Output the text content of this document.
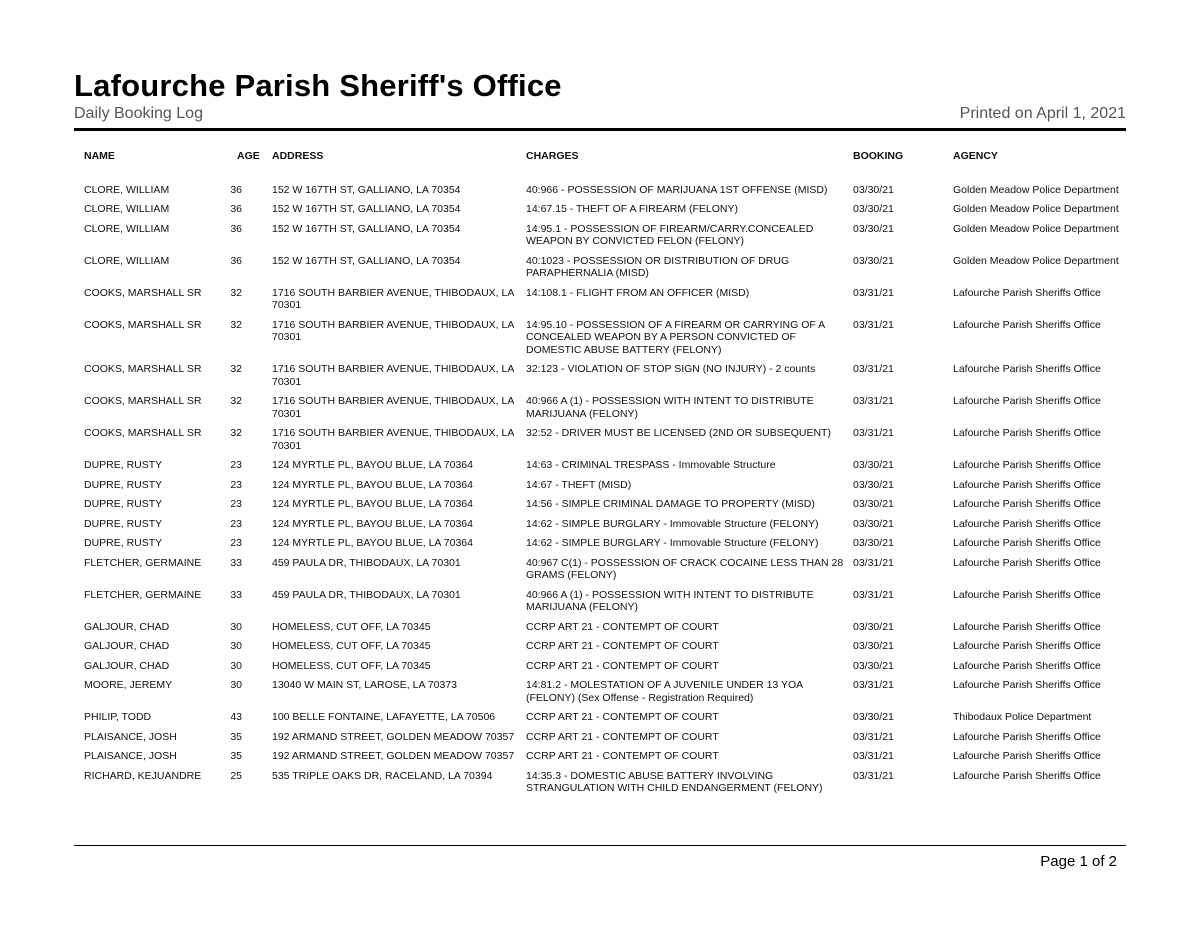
Lafourche Parish Sheriff's Office
Daily Booking Log	Printed on April 1, 2021
	NAME	AGE	ADDRESS	CHARGES	BOOKING	AGENCY
	CLORE, WILLIAM	36	152 W 167TH ST, GALLIANO, LA 70354	40:966 - POSSESSION OF MARIJUANA 1ST OFFENSE (MISD)	03/30/21	Golden Meadow Police Department
	CLORE, WILLIAM	36	152 W 167TH ST, GALLIANO, LA 70354	14:67.15 - THEFT OF A FIREARM (FELONY)	03/30/21	Golden Meadow Police Department
	CLORE, WILLIAM	36	152 W 167TH ST, GALLIANO, LA 70354	14:95.1 - POSSESSION OF FIREARM/CARRY.CONCEALED WEAPON BY CONVICTED FELON (FELONY)	03/30/21	Golden Meadow Police Department
	CLORE, WILLIAM	36	152 W 167TH ST, GALLIANO, LA 70354	40:1023 - POSSESSION OR DISTRIBUTION OF DRUG PARAPHERNALIA (MISD)	03/30/21	Golden Meadow Police Department
	COOKS, MARSHALL SR	32	1716 SOUTH BARBIER AVENUE, THIBODAUX, LA 70301	14:108.1 - FLIGHT FROM AN OFFICER (MISD)	03/31/21	Lafourche Parish Sheriffs Office
	COOKS, MARSHALL SR	32	1716 SOUTH BARBIER AVENUE, THIBODAUX, LA 70301	14:95.10 - POSSESSION OF A FIREARM OR CARRYING OF A CONCEALED WEAPON BY A PERSON CONVICTED OF DOMESTIC ABUSE BATTERY (FELONY)	03/31/21	Lafourche Parish Sheriffs Office
	COOKS, MARSHALL SR	32	1716 SOUTH BARBIER AVENUE, THIBODAUX, LA 70301	32:123 - VIOLATION OF STOP SIGN (NO INJURY) - 2 counts	03/31/21	Lafourche Parish Sheriffs Office
	COOKS, MARSHALL SR	32	1716 SOUTH BARBIER AVENUE, THIBODAUX, LA 70301	40:966 A (1) - POSSESSION WITH INTENT TO DISTRIBUTE MARIJUANA (FELONY)	03/31/21	Lafourche Parish Sheriffs Office
	COOKS, MARSHALL SR	32	1716 SOUTH BARBIER AVENUE, THIBODAUX, LA 70301	32:52 - DRIVER MUST BE LICENSED (2ND OR SUBSEQUENT)	03/31/21	Lafourche Parish Sheriffs Office
	DUPRE, RUSTY	23	124 MYRTLE PL, BAYOU BLUE, LA 70364	14:63 - CRIMINAL TRESPASS - Immovable Structure	03/30/21	Lafourche Parish Sheriffs Office
	DUPRE, RUSTY	23	124 MYRTLE PL, BAYOU BLUE, LA 70364	14:67 - THEFT (MISD)	03/30/21	Lafourche Parish Sheriffs Office
	DUPRE, RUSTY	23	124 MYRTLE PL, BAYOU BLUE, LA 70364	14:56 - SIMPLE CRIMINAL DAMAGE TO PROPERTY (MISD)	03/30/21	Lafourche Parish Sheriffs Office
	DUPRE, RUSTY	23	124 MYRTLE PL, BAYOU BLUE, LA 70364	14:62 - SIMPLE BURGLARY - Immovable Structure (FELONY)	03/30/21	Lafourche Parish Sheriffs Office
	DUPRE, RUSTY	23	124 MYRTLE PL, BAYOU BLUE, LA 70364	14:62 - SIMPLE BURGLARY - Immovable Structure (FELONY)	03/30/21	Lafourche Parish Sheriffs Office
	FLETCHER, GERMAINE	33	459 PAULA DR, THIBODAUX, LA 70301	40:967 C(1) - POSSESSION OF CRACK COCAINE LESS THAN 28 GRAMS (FELONY)	03/31/21	Lafourche Parish Sheriffs Office
	FLETCHER, GERMAINE	33	459 PAULA DR, THIBODAUX, LA 70301	40:966 A (1) - POSSESSION WITH INTENT TO DISTRIBUTE MARIJUANA (FELONY)	03/31/21	Lafourche Parish Sheriffs Office
	GALJOUR, CHAD	30	HOMELESS, CUT OFF, LA 70345	CCRP ART 21 - CONTEMPT OF COURT	03/30/21	Lafourche Parish Sheriffs Office
	GALJOUR, CHAD	30	HOMELESS, CUT OFF, LA 70345	CCRP ART 21 - CONTEMPT OF COURT	03/30/21	Lafourche Parish Sheriffs Office
	GALJOUR, CHAD	30	HOMELESS, CUT OFF, LA 70345	CCRP ART 21 - CONTEMPT OF COURT	03/30/21	Lafourche Parish Sheriffs Office
	MOORE, JEREMY	30	13040 W MAIN ST, LAROSE, LA 70373	14:81.2 - MOLESTATION OF A JUVENILE UNDER 13 YOA (FELONY) (Sex Offense - Registration Required)	03/31/21	Lafourche Parish Sheriffs Office
	PHILIP, TODD	43	100 BELLE FONTAINE, LAFAYETTE, LA 70506	CCRP ART 21 - CONTEMPT OF COURT	03/30/21	Thibodaux Police Department
	PLAISANCE, JOSH	35	192 ARMAND STREET, GOLDEN MEADOW 70357	CCRP ART 21 - CONTEMPT OF COURT	03/31/21	Lafourche Parish Sheriffs Office
	PLAISANCE, JOSH	35	192 ARMAND STREET, GOLDEN MEADOW 70357	CCRP ART 21 - CONTEMPT OF COURT	03/31/21	Lafourche Parish Sheriffs Office
	RICHARD, KEJUANDRE	25	535 TRIPLE OAKS DR, RACELAND, LA 70394	14:35.3 - DOMESTIC ABUSE BATTERY INVOLVING STRANGULATION WITH CHILD ENDANGERMENT (FELONY)	03/31/21	Lafourche Parish Sheriffs Office
Page 1 of 2
